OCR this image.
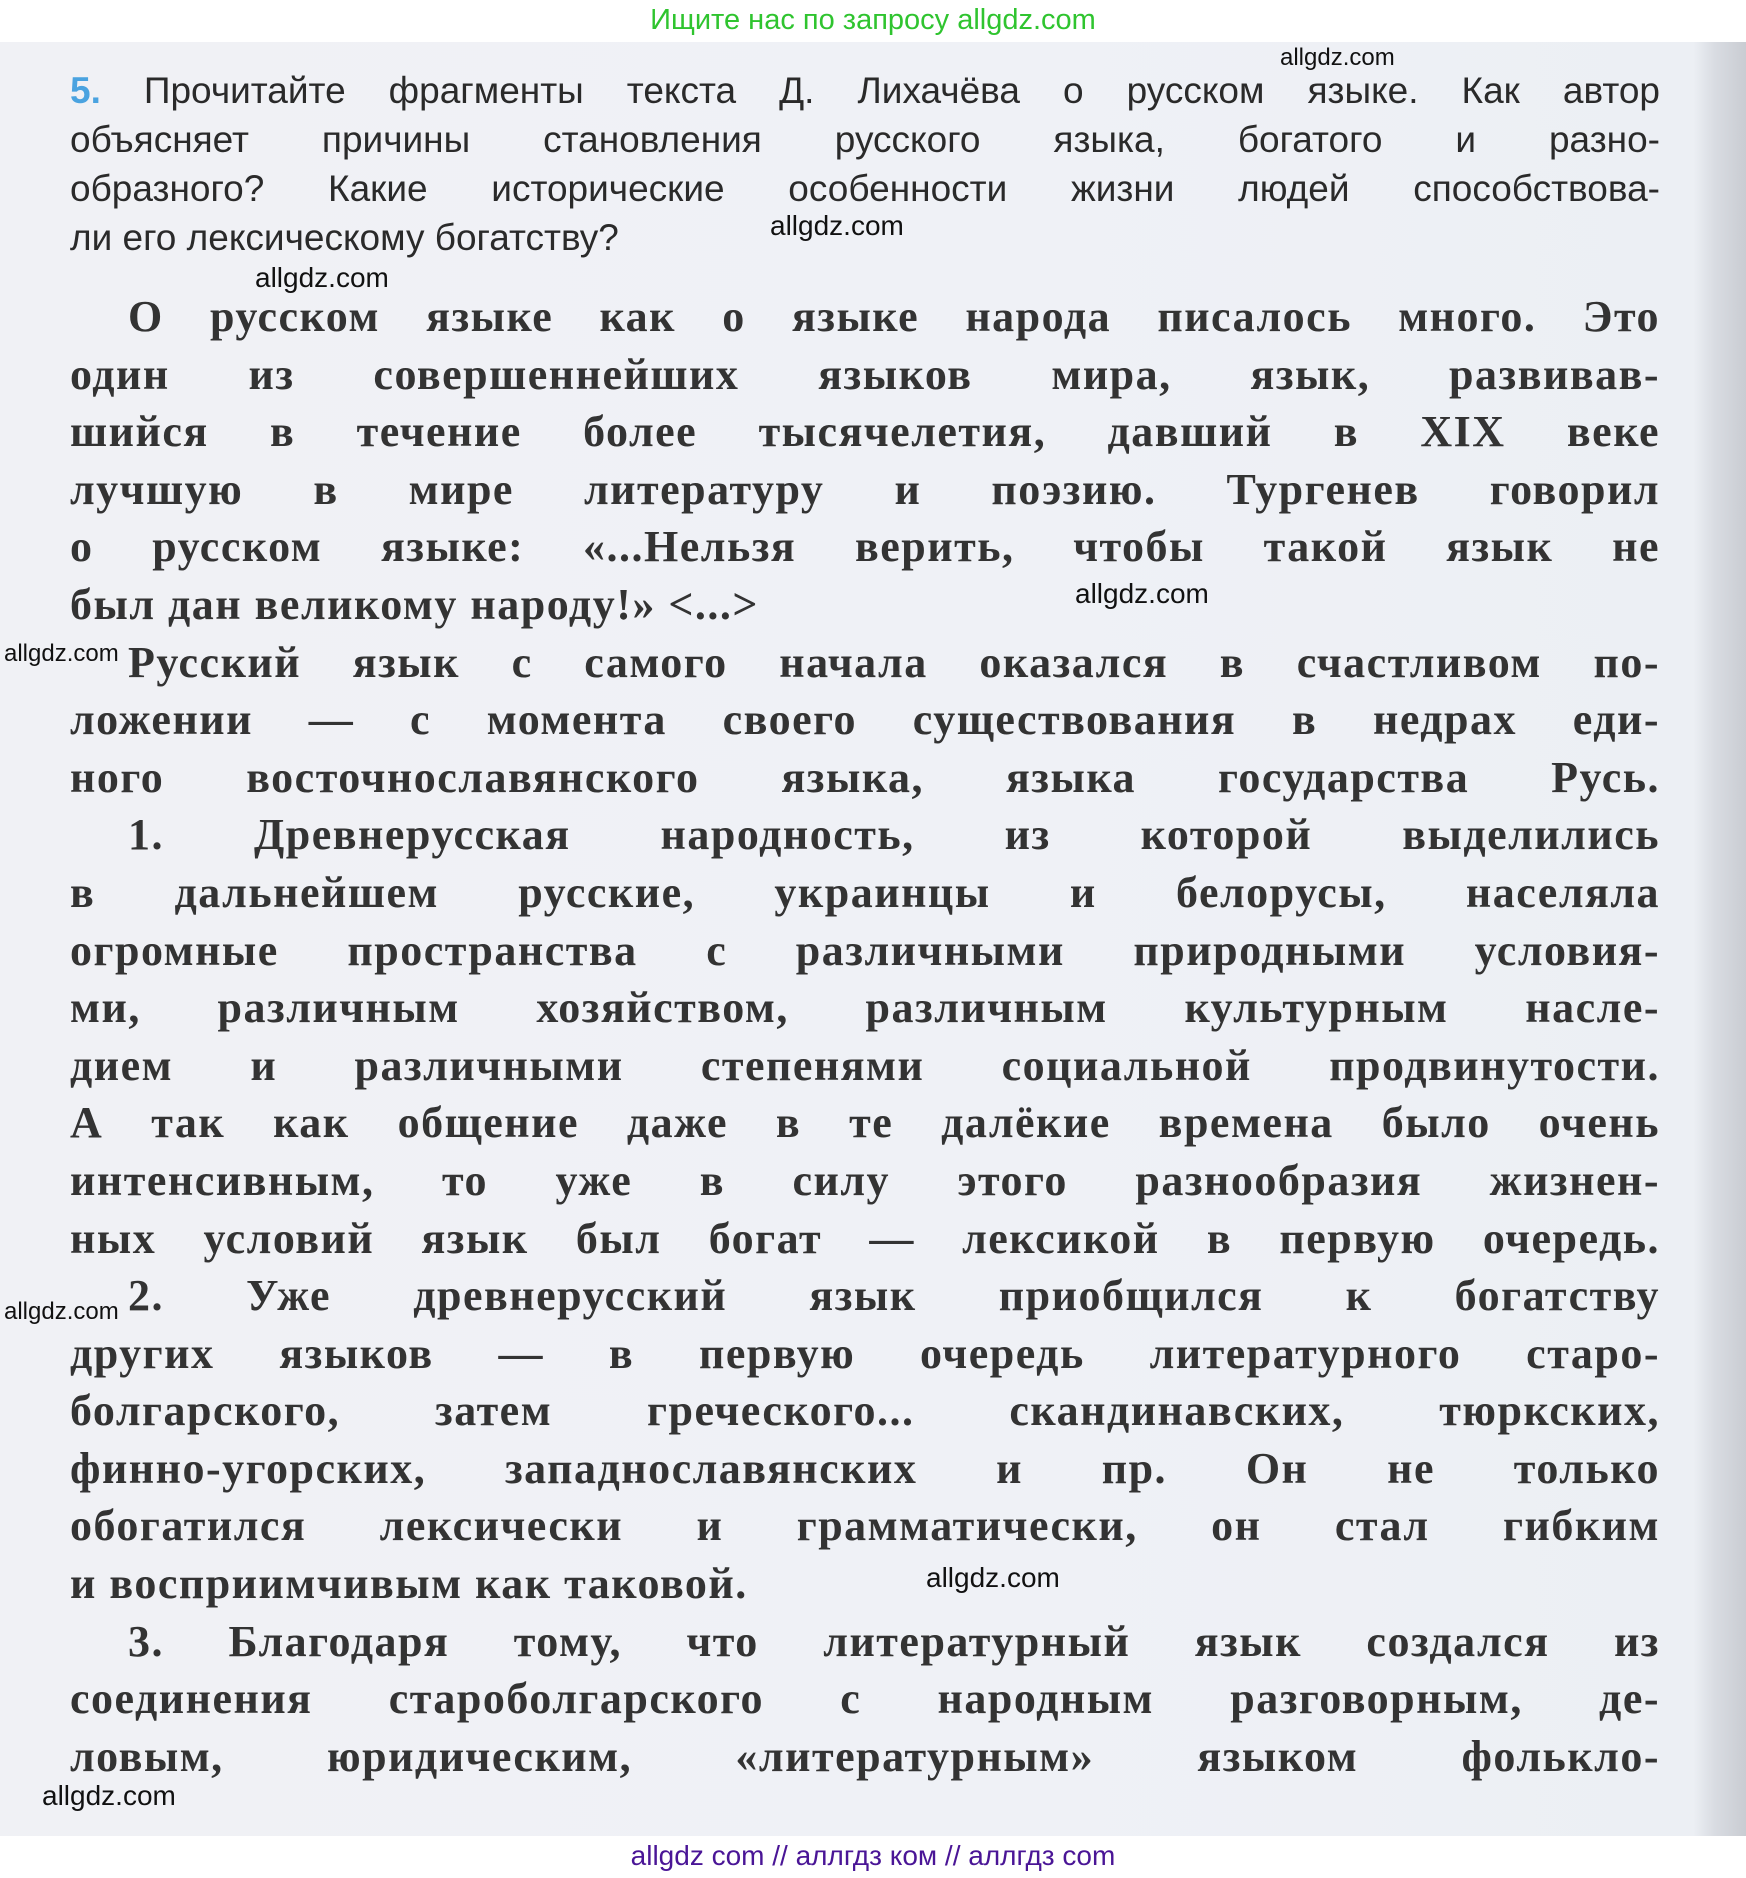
Ищите нас по запросу allgdz.com
5. Прочитайте фрагменты текста Д. Лихачёва о русском языке. Как автор
объясняет причины становления русского языка, богатого и разно-
образного? Какие исторические особенности жизни людей способствова-
ли его лексическому богатству?
О русском языке как о языке народа писалось много. Это
один из совершеннейших языков мира, язык, развивав-
шийся в течение более тысячелетия, давший в XIX веке
лучшую в мире литературу и поэзию. Тургенев говорил
о русском языке: «...Нельзя верить, чтобы такой язык не
был дан великому народу!» <...>
Русский язык с самого начала оказался в счастливом по-
ложении — с момента своего существования в недрах еди-
ного восточнославянского языка, языка государства Русь.
1. Древнерусская народность, из которой выделились
в дальнейшем русские, украинцы и белорусы, населяла
огромные пространства с различными природными условия-
ми, различным хозяйством, различным культурным насле-
дием и различными степенями социальной продвинутости.
А так как общение даже в те далёкие времена было очень
интенсивным, то уже в силу этого разнообразия жизнен-
ных условий язык был богат — лексикой в первую очередь.
2. Уже древнерусский язык приобщился к богатству
других языков — в первую очередь литературного старо-
болгарского, затем греческого... скандинавских, тюркских,
финно-угорских, западнославянских и пр. Он не только
обогатился лексически и грамматически, он стал гибким
и восприимчивым как таковой.
3. Благодаря тому, что литературный язык создался из
соединения староболгарского с народным разговорным, де-
ловым, юридическим, «литературным» языком фолькло-
allgdz.com
allgdz.com
allgdz.com
allgdz.com
allgdz.com
allgdz.com
allgdz.com
allgdz.com
allgdz com // аллгдз ком // аллгдз com
